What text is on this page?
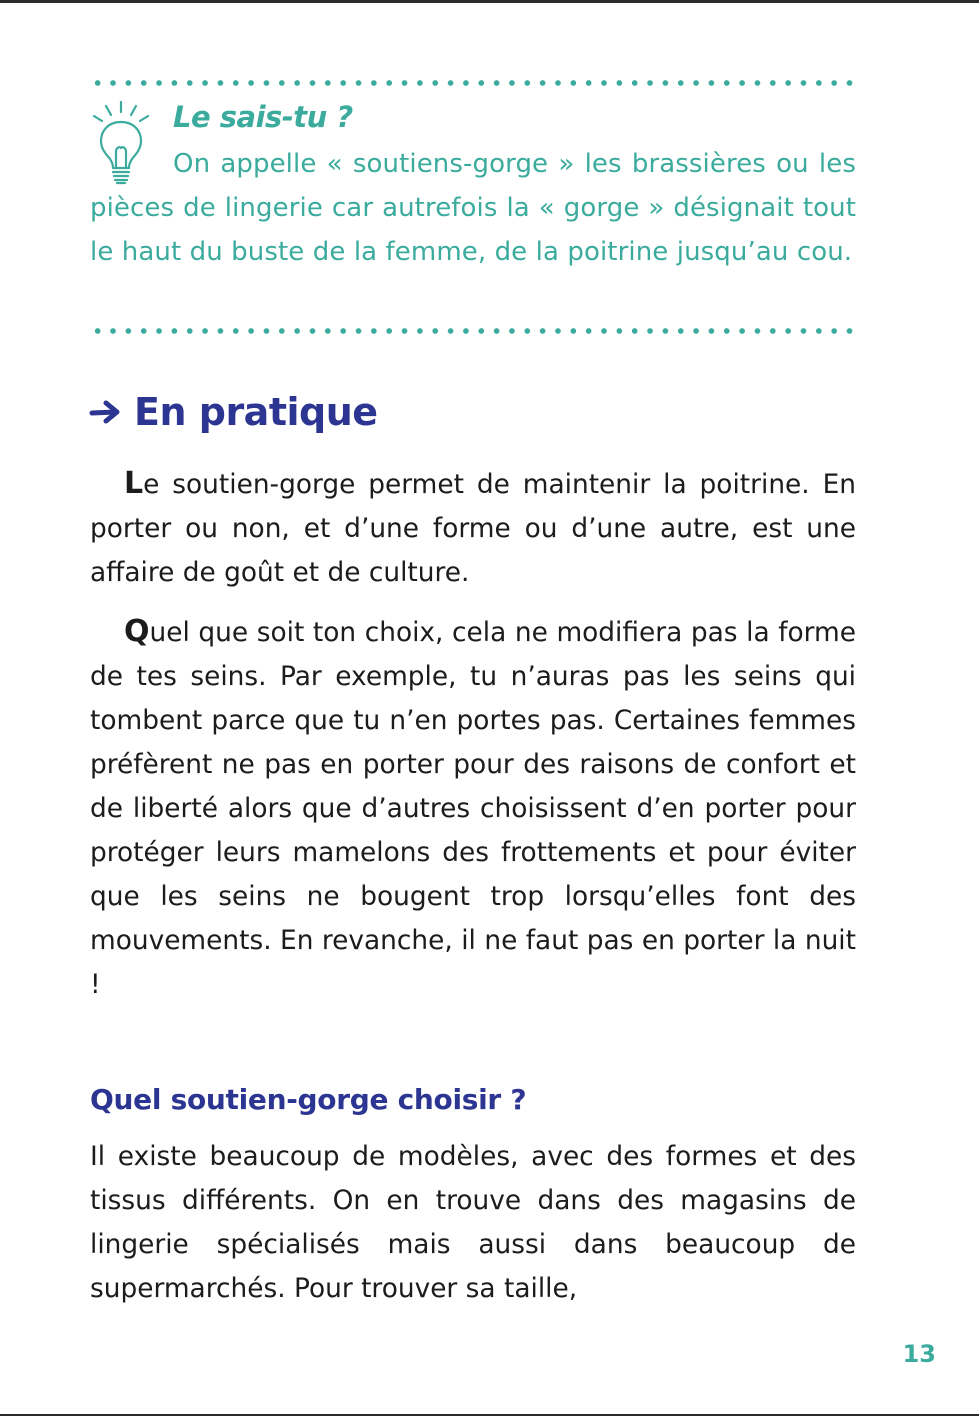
Le sais-tu ?

On appelle « soutiens-gorge » les brassières ou les pièces de lingerie car autrefois la « gorge » désignait tout le haut du buste de la femme, de la poitrine jusqu’au cou.

En pratique

Le soutien-gorge permet de maintenir la poitrine. En porter ou non, et d’une forme ou d’une autre, est une affaire de goût et de culture.

Quel que soit ton choix, cela ne modifiera pas la forme de tes seins. Par exemple, tu n’auras pas les seins qui tombent parce que tu n’en portes pas. Certaines femmes préfèrent ne pas en porter pour des raisons de confort et de liberté alors que d’autres choisissent d’en porter pour protéger leurs mamelons des frottements et pour éviter que les seins ne bougent trop lorsqu’elles font des mouvements. En revanche, il ne faut pas en porter la nuit !

Quel soutien-gorge choisir ?

Il existe beaucoup de modèles, avec des formes et des tissus différents. On en trouve dans des magasins de lingerie spécialisés mais aussi dans beaucoup de supermarchés. Pour trouver sa taille,

13
